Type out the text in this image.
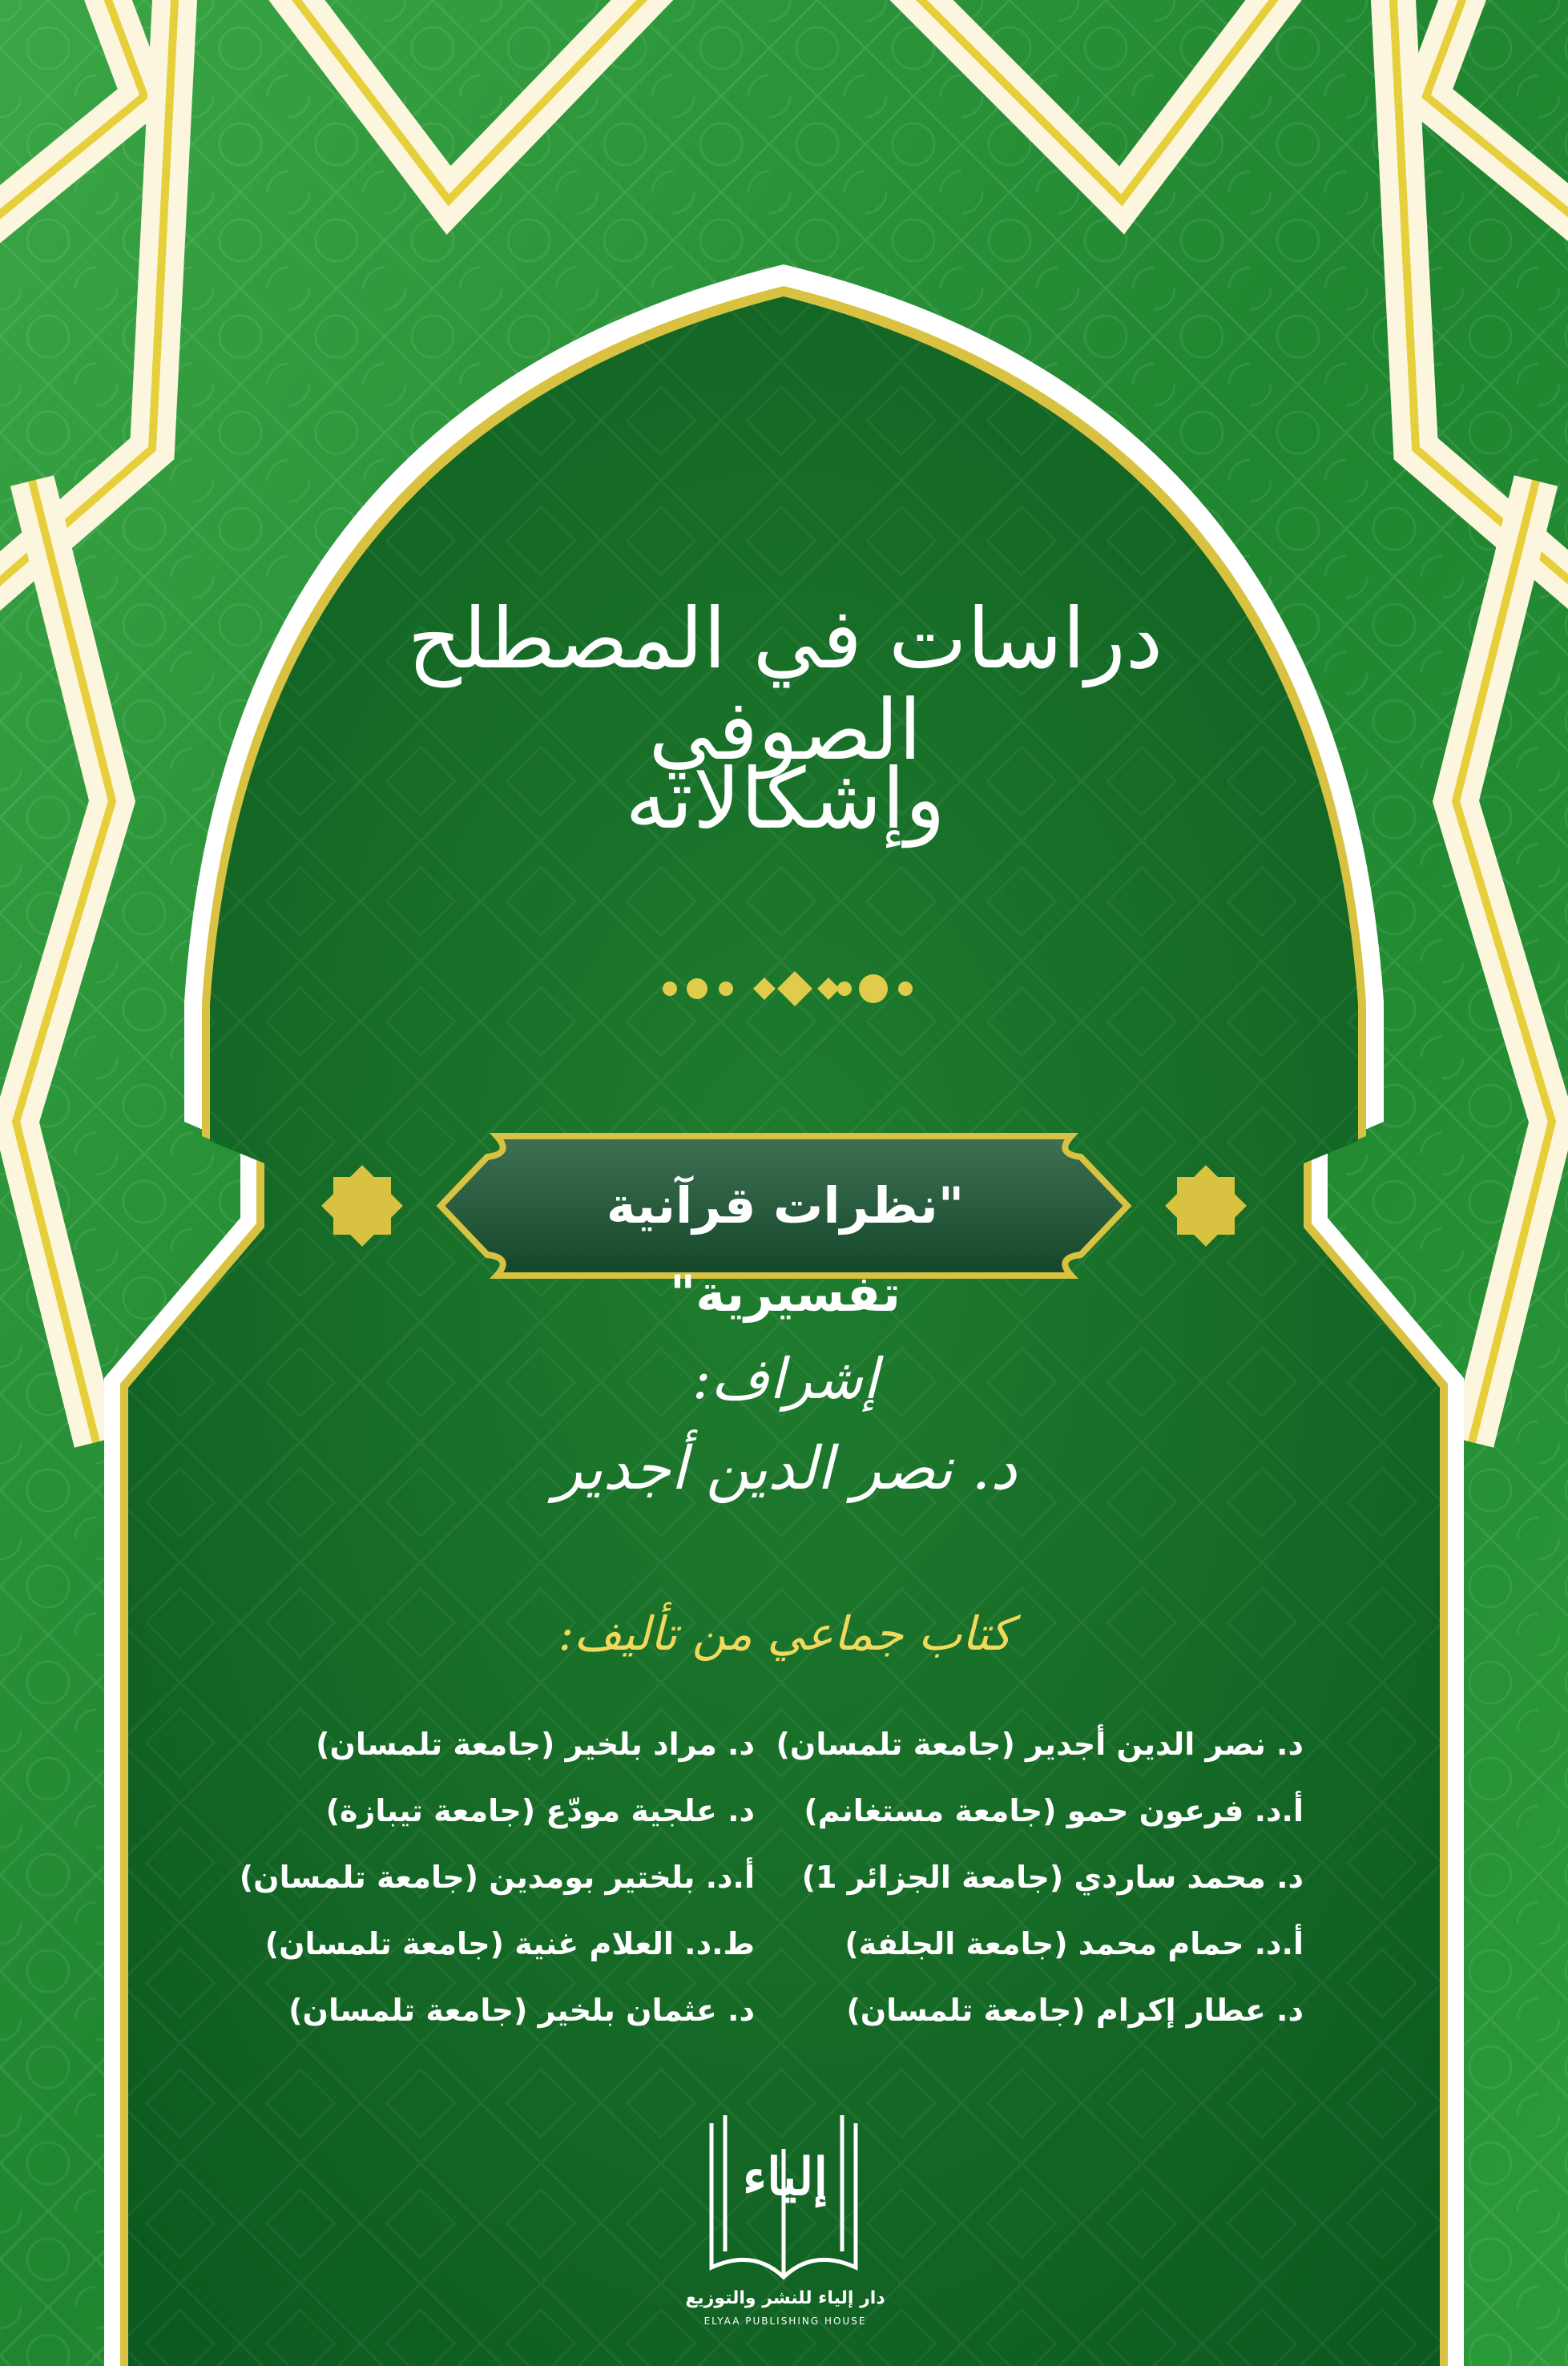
دراسات في المصطلح الصوفي
وإشكالاته
"نظرات قرآنية تفسيرية"
إشراف:
د. نصر الدين أجدير
كتاب جماعي من تأليف:
د. نصر الدين أجدير (جامعة تلمسان)
أ.د. فرعون حمو (جامعة مستغانم)
د. محمد ساردي (جامعة الجزائر 1)
أ.د. حمام محمد (جامعة الجلفة)
د. عطار إكرام (جامعة تلمسان)
د. مراد بلخير (جامعة تلمسان)
د. علجية مودّع (جامعة تيبازة)
أ.د. بلختير بومدين (جامعة تلمسان)
ط.د. العلام غنية (جامعة تلمسان)
د. عثمان بلخير (جامعة تلمسان)
إلياء
دار إلياء للنشر والتوزيع
ELYAA PUBLISHING HOUSE
